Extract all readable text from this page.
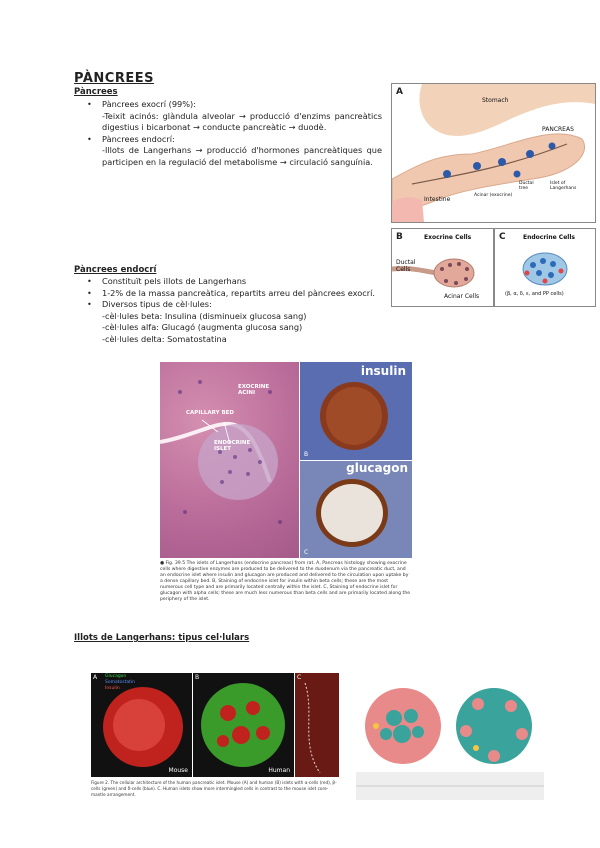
PÀNCREES
Pàncrees
• Pàncrees exocrí (99%):
-Teixit acinós: glàndula alveolar → producció d'enzims pancreàtics digestius i bicarbonat → conducte pancreàtic → duodè.
• Pàncrees endocrí:
-Illots de Langerhans → producció d'hormones pancreàtiques que participen en la regulació del metabolisme → circulació sanguínia.
A
Stomach
PANCREAS
Intestine
Acinar (exocrine)
Ductal tree
Islet of Langerhans
B	Exocrine Cells
Ductal Cells
Acinar Cells
C	Endocrine Cells
(β, α, δ, ε, and PP cells)
Pàncrees endocrí
• Constituït pels illots de Langerhans
• 1-2% de la massa pancreàtica, repartits arreu del pàncrees exocrí.
• Diversos tipus de cèl·lules:
-cèl·lules beta: Insulina (disminueix glucosa sang)
-cèl·lules alfa: Glucagó (augmenta glucosa sang)
-cèl·lules delta: Somatostatina
EXOCRINE ACINI
CAPILLARY BED
ENDOCRINE ISLET
insulin
B
glucagon
C
● Fig. 39.5 The islets of Langerhans (endocrine pancreas) from rat. A, Pancreas histology showing exocrine cells where digestive enzymes are produced to be delivered to the duodenum via the pancreatic duct, and an endocrine islet where insulin and glucagon are produced and delivered to the circulation upon uptake by a dense capillary bed. B, Staining of endocrine islet for insulin within beta cells; these are the most numerous cell type and are primarily located centrally within the islet. C, Staining of endocrine islet for glucagon with alpha cells; these are much less numerous than beta cells and are primarily located along the periphery of the islet.
Illots de Langerhans: tipus cel·lulars
A Glucagon
Somatostatin
Insulin
Mouse
B
Human
C
Figure 2. The cellular architecture of the human pancreatic islet. Mouse (A) and human (B) islets with α-cells (red), β-cells (green) and δ-cells (blue). C. Human islets show more intermingled cells in contrast to the mouse islet core-mantle arrangement.
